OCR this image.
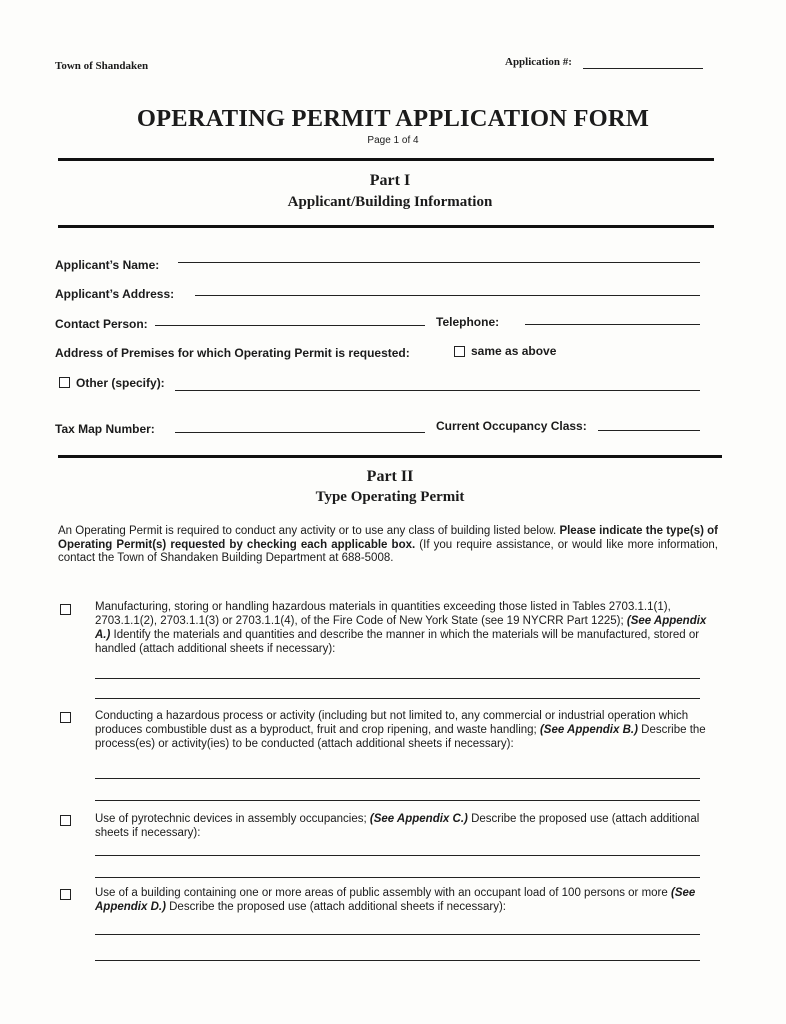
Town of Shandaken	Application #:
OPERATING PERMIT APPLICATION FORM
Page 1 of 4
Part I
Applicant/Building Information
Applicant’s Name:
Applicant’s Address:
Contact Person:	Telephone:
Address of Premises for which Operating Permit is requested:	same as above
Other (specify):
Tax Map Number:	Current Occupancy Class:
Part II
Type Operating Permit
An Operating Permit is required to conduct any activity or to use any class of building listed below. Please indicate the type(s) of Operating Permit(s) requested by checking each applicable box. (If you require assistance, or would like more information, contact the Town of Shandaken Building Department at 688-5008.
Manufacturing, storing or handling hazardous materials in quantities exceeding those listed in Tables 2703.1.1(1), 2703.1.1(2), 2703.1.1(3) or 2703.1.1(4), of the Fire Code of New York State (see 19 NYCRR Part 1225); (See Appendix A.) Identify the materials and quantities and describe the manner in which the materials will be manufactured, stored or handled (attach additional sheets if necessary):
Conducting a hazardous process or activity (including but not limited to, any commercial or industrial operation which produces combustible dust as a byproduct, fruit and crop ripening, and waste handling; (See Appendix B.) Describe the process(es) or activity(ies) to be conducted (attach additional sheets if necessary):
Use of pyrotechnic devices in assembly occupancies; (See Appendix C.) Describe the proposed use (attach additional sheets if necessary):
Use of a building containing one or more areas of public assembly with an occupant load of 100 persons or more (See Appendix D.) Describe the proposed use (attach additional sheets if necessary):
